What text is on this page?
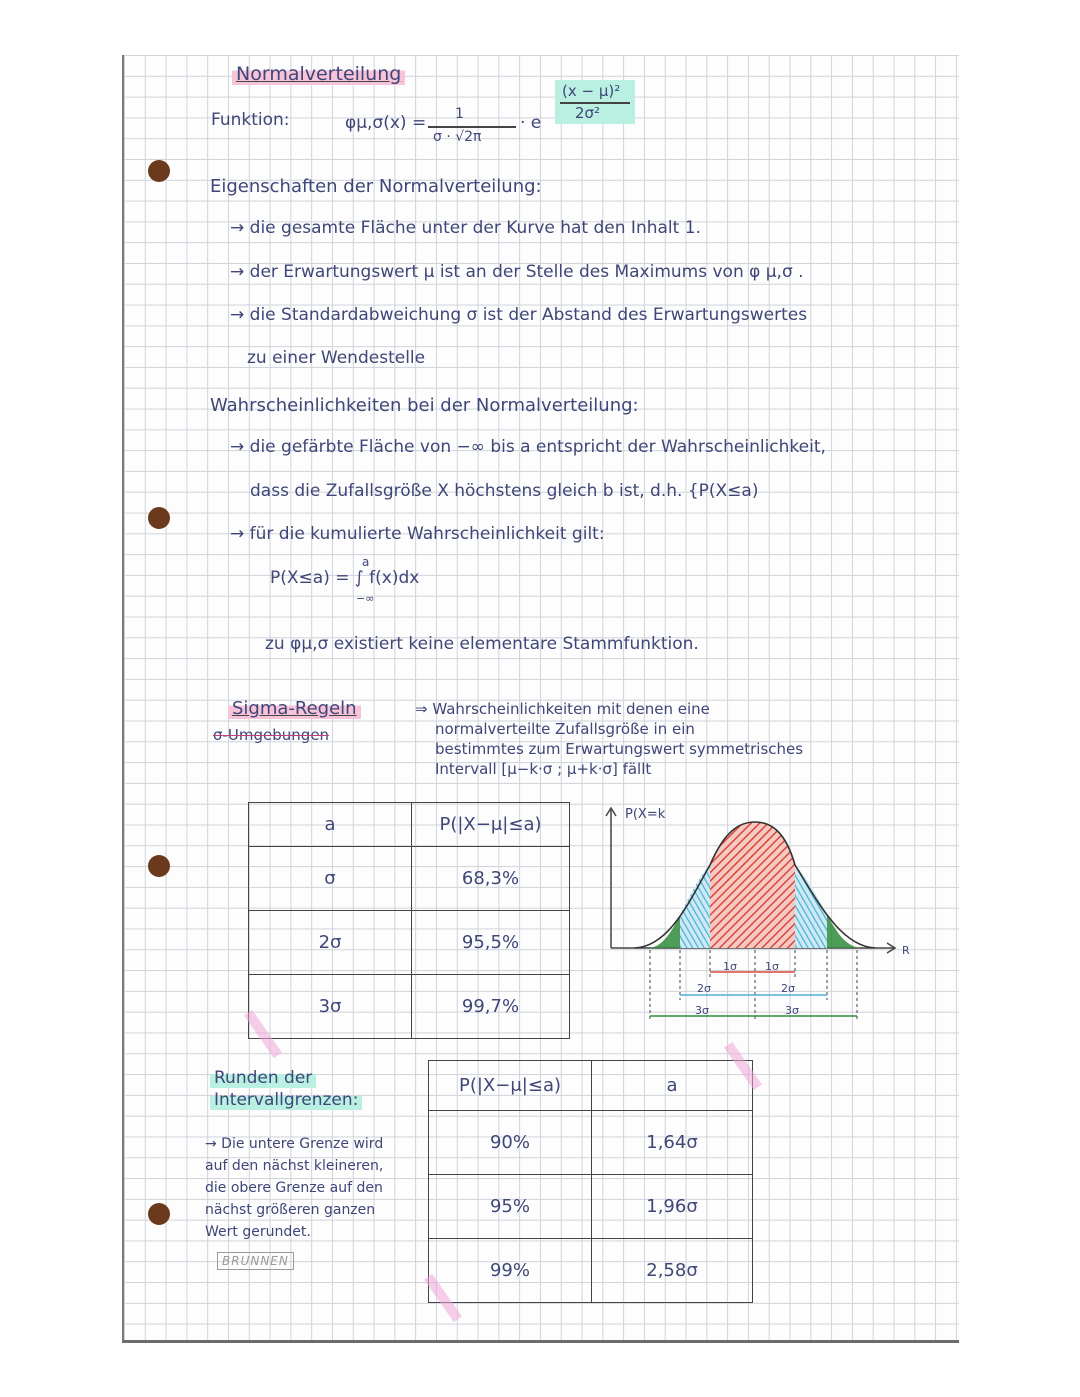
Normalverteilung
Funktion:	φμ,σ(x) = 1
σ · √2π
· e
(x − μ)²
2σ²
Eigenschaften der Normalverteilung:
→ die gesamte Fläche unter der Kurve hat den Inhalt 1.
→ der Erwartungswert μ ist an der Stelle des Maximums von φ μ,σ .
→ die Standardabweichung σ ist der Abstand des Erwartungswertes
zu einer Wendestelle
Wahrscheinlichkeiten bei der Normalverteilung:
→ die gefärbte Fläche von −∞ bis a entspricht der Wahrscheinlichkeit,
dass die Zufallsgröße X höchstens gleich b ist, d.h. {P(X≤a)
→ für die kumulierte Wahrscheinlichkeit gilt:
P(X≤a) = ∫ f(x)dx
a
−∞
zu φμ,σ existiert keine elementare Stammfunktion.
Sigma-Regeln
σ-Umgebungen
⇒ Wahrscheinlichkeiten mit denen eine
normalverteilte Zufallsgröße in ein
bestimmtes zum Erwartungswert symmetrisches
Intervall [μ−k·σ ; μ+k·σ] fällt
a	P(|X−μ|≤a)
σ	68,3%
2σ	95,5%
3σ	99,7%
P(X=k
R
1σ	1σ
2σ	2σ
3σ	3σ
Runden der
Intervallgrenzen:
→ Die untere Grenze wird
auf den nächst kleineren,
die obere Grenze auf den
nächst größeren ganzen
Wert gerundet.
BRUNNEN
P(|X−μ|≤a)	a
90%	1,64σ
95%	1,96σ
99%	2,58σ
